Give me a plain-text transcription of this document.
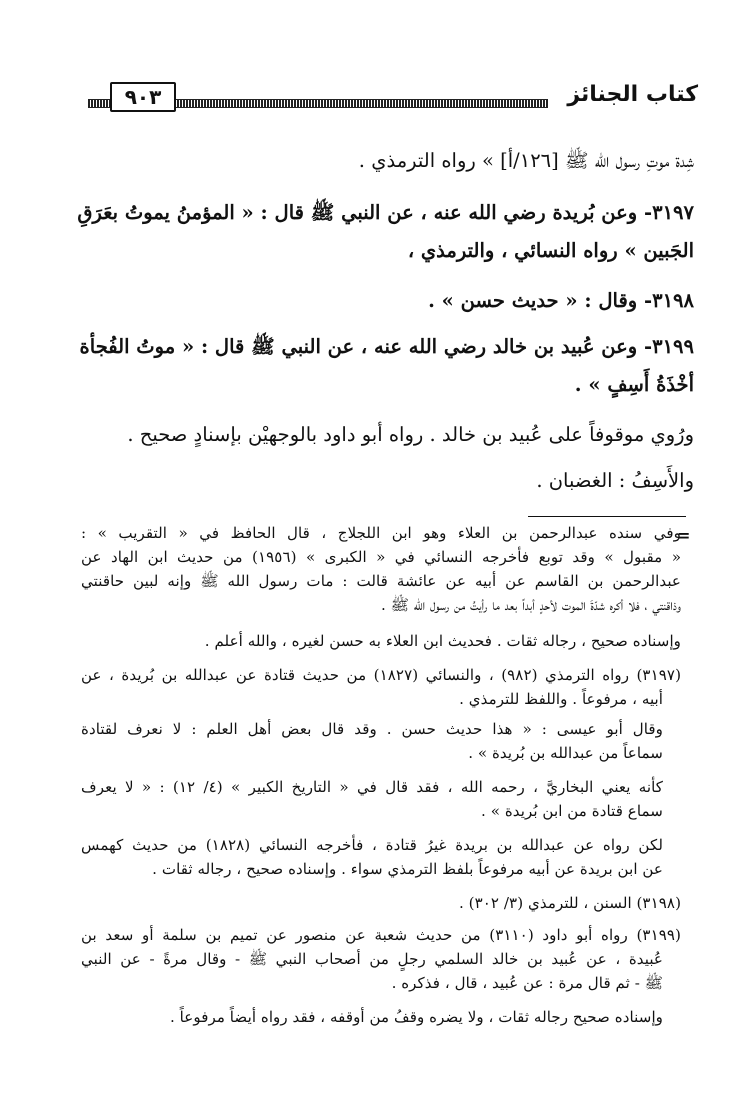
كتاب الجنائز
٩٠٣
شِدة موتِ رسول الله ﷺ [١٢٦/أ] » رواه الترمذي .
٣١٩٧- وعن بُريدة رضي الله عنه ، عن النبي ﷺ قال : « المؤمنُ يموتُ بعَرَقِ
الجَبين » رواه النسائي ، والترمذي ،
٣١٩٨- وقال : « حديث حسن » .
٣١٩٩- وعن عُبيد بن خالد رضي الله عنه ، عن النبي ﷺ قال : « موتُ الفُجأة
أخْذَةُ أَسِفٍ » .
ورُوي موقوفاً على عُبيد بن خالد . رواه أبو داود بالوجهيْن بإسنادٍ صحيح .
والأَسِفُ : الغضبان .
=
وفي سنده عبدالرحمن بن العلاء وهو ابن اللجلاج ، قال الحافظ في « التقريب » :
« مقبول » وقد توبع فأخرجه النسائي في « الكبرى » (١٩٥٦) من حديث ابن الهاد عن
عبدالرحمن بن القاسم عن أبيه عن عائشة قالت : مات رسول الله ﷺ وإنه لبين حاقنتي
وذاقنتي ، فلا أكره شدّةَ الموت لأحدٍ أبداً بعد ما رأيتُ من رسول الله ﷺ .
وإسناده صحيح ، رجاله ثقات . فحديث ابن العلاء به حسن لغيره ، والله أعلم .
(٣١٩٧) رواه الترمذي (٩٨٢) ، والنسائي (١٨٢٧) من حديث قتادة عن عبدالله بن بُريدة ، عن
أبيه ، مرفوعاً . واللفظ للترمذي .
وقال أبو عيسى : « هذا حديث حسن . وقد قال بعض أهل العلم : لا نعرف لقتادة
سماعاً من عبدالله بن بُريدة » .
كأنه يعني البخاريَّ ، رحمه الله ، فقد قال في « التاريخ الكبير » (٤/ ١٢) : « لا يعرف
سماع قتادة من ابن بُريدة » .
لكن رواه عن عبدالله بن بريدة غيرُ قتادة ، فأخرجه النسائي (١٨٢٨) من حديث كهمس
عن ابن بريدة عن أبيه مرفوعاً بلفظ الترمذي سواء . وإسناده صحيح ، رجاله ثقات .
(٣١٩٨) السنن ، للترمذي (٣/ ٣٠٢) .
(٣١٩٩) رواه أبو داود (٣١١٠) من حديث شعبة عن منصور عن تميم بن سلمة أو سعد بن
عُبيدة ، عن عُبيد بن خالد السلمي رجلٍ من أصحاب النبي ﷺ - وقال مرةً - عن النبي
ﷺ - ثم قال مرة : عن عُبيد ، قال ، فذكره .
وإسناده صحيح رجاله ثقات ، ولا يضره وقفُ من أوقفه ، فقد رواه أيضاً مرفوعاً .
